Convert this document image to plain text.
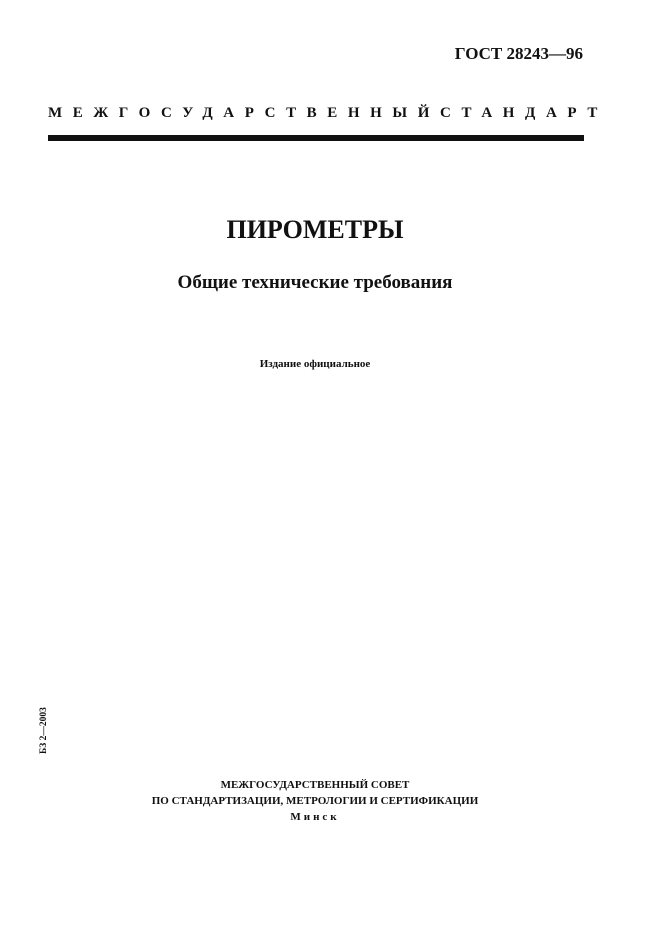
ГОСТ 28243—96
МЕЖГОСУДАРСТВЕННЫЙ СТАНДАРТ
ПИРОМЕТРЫ
Общие технические требования
Издание официальное
БЗ 2—2003
МЕЖГОСУДАРСТВЕННЫЙ СОВЕТ
ПО СТАНДАРТИЗАЦИИ, МЕТРОЛОГИИ И СЕРТИФИКАЦИИ
Минск
